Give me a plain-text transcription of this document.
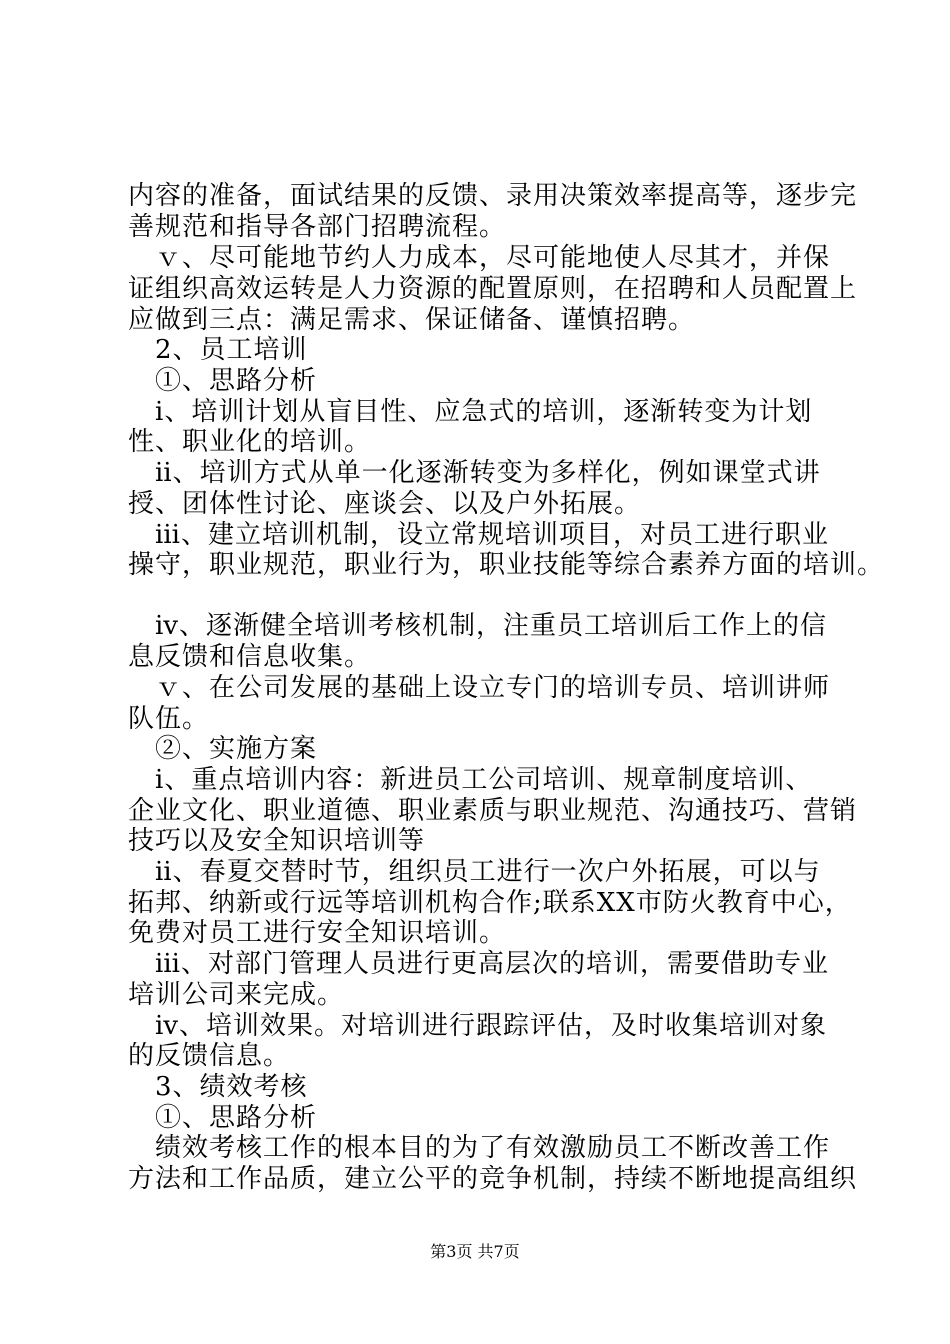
内容的准备，面试结果的反馈、录用决策效率提高等，逐步完
善规范和指导各部门招聘流程。
　ｖ、尽可能地节约人力成本，尽可能地使人尽其才，并保
证组织高效运转是人力资源的配置原则，在招聘和人员配置上
应做到三点：满足需求、保证储备、谨慎招聘。
　2、员工培训
　①、思路分析
　ⅰ、培训计划从盲目性、应急式的培训，逐渐转变为计划
性、职业化的培训。
　ⅱ、培训方式从单一化逐渐转变为多样化，例如课堂式讲
授、团体性讨论、座谈会、以及户外拓展。
　ⅲ、建立培训机制，设立常规培训项目，对员工进行职业
操守，职业规范，职业行为，职业技能等综合素养方面的培训。
　ⅳ、逐渐健全培训考核机制，注重员工培训后工作上的信
息反馈和信息收集。
　ｖ、在公司发展的基础上设立专门的培训专员、培训讲师
队伍。
　②、实施方案
　ⅰ、重点培训内容：新进员工公司培训、规章制度培训、
企业文化、职业道德、职业素质与职业规范、沟通技巧、营销
技巧以及安全知识培训等
　ⅱ、春夏交替时节，组织员工进行一次户外拓展，可以与
拓邦、纳新或行远等培训机构合作;联系XX市防火教育中心，
免费对员工进行安全知识培训。
　ⅲ、对部门管理人员进行更高层次的培训，需要借助专业
培训公司来完成。
　ⅳ、培训效果。对培训进行跟踪评估，及时收集培训对象
的反馈信息。
　3、绩效考核
　①、思路分析
　绩效考核工作的根本目的为了有效激励员工不断改善工作
方法和工作品质，建立公平的竞争机制，持续不断地提高组织
第3页 共7页
